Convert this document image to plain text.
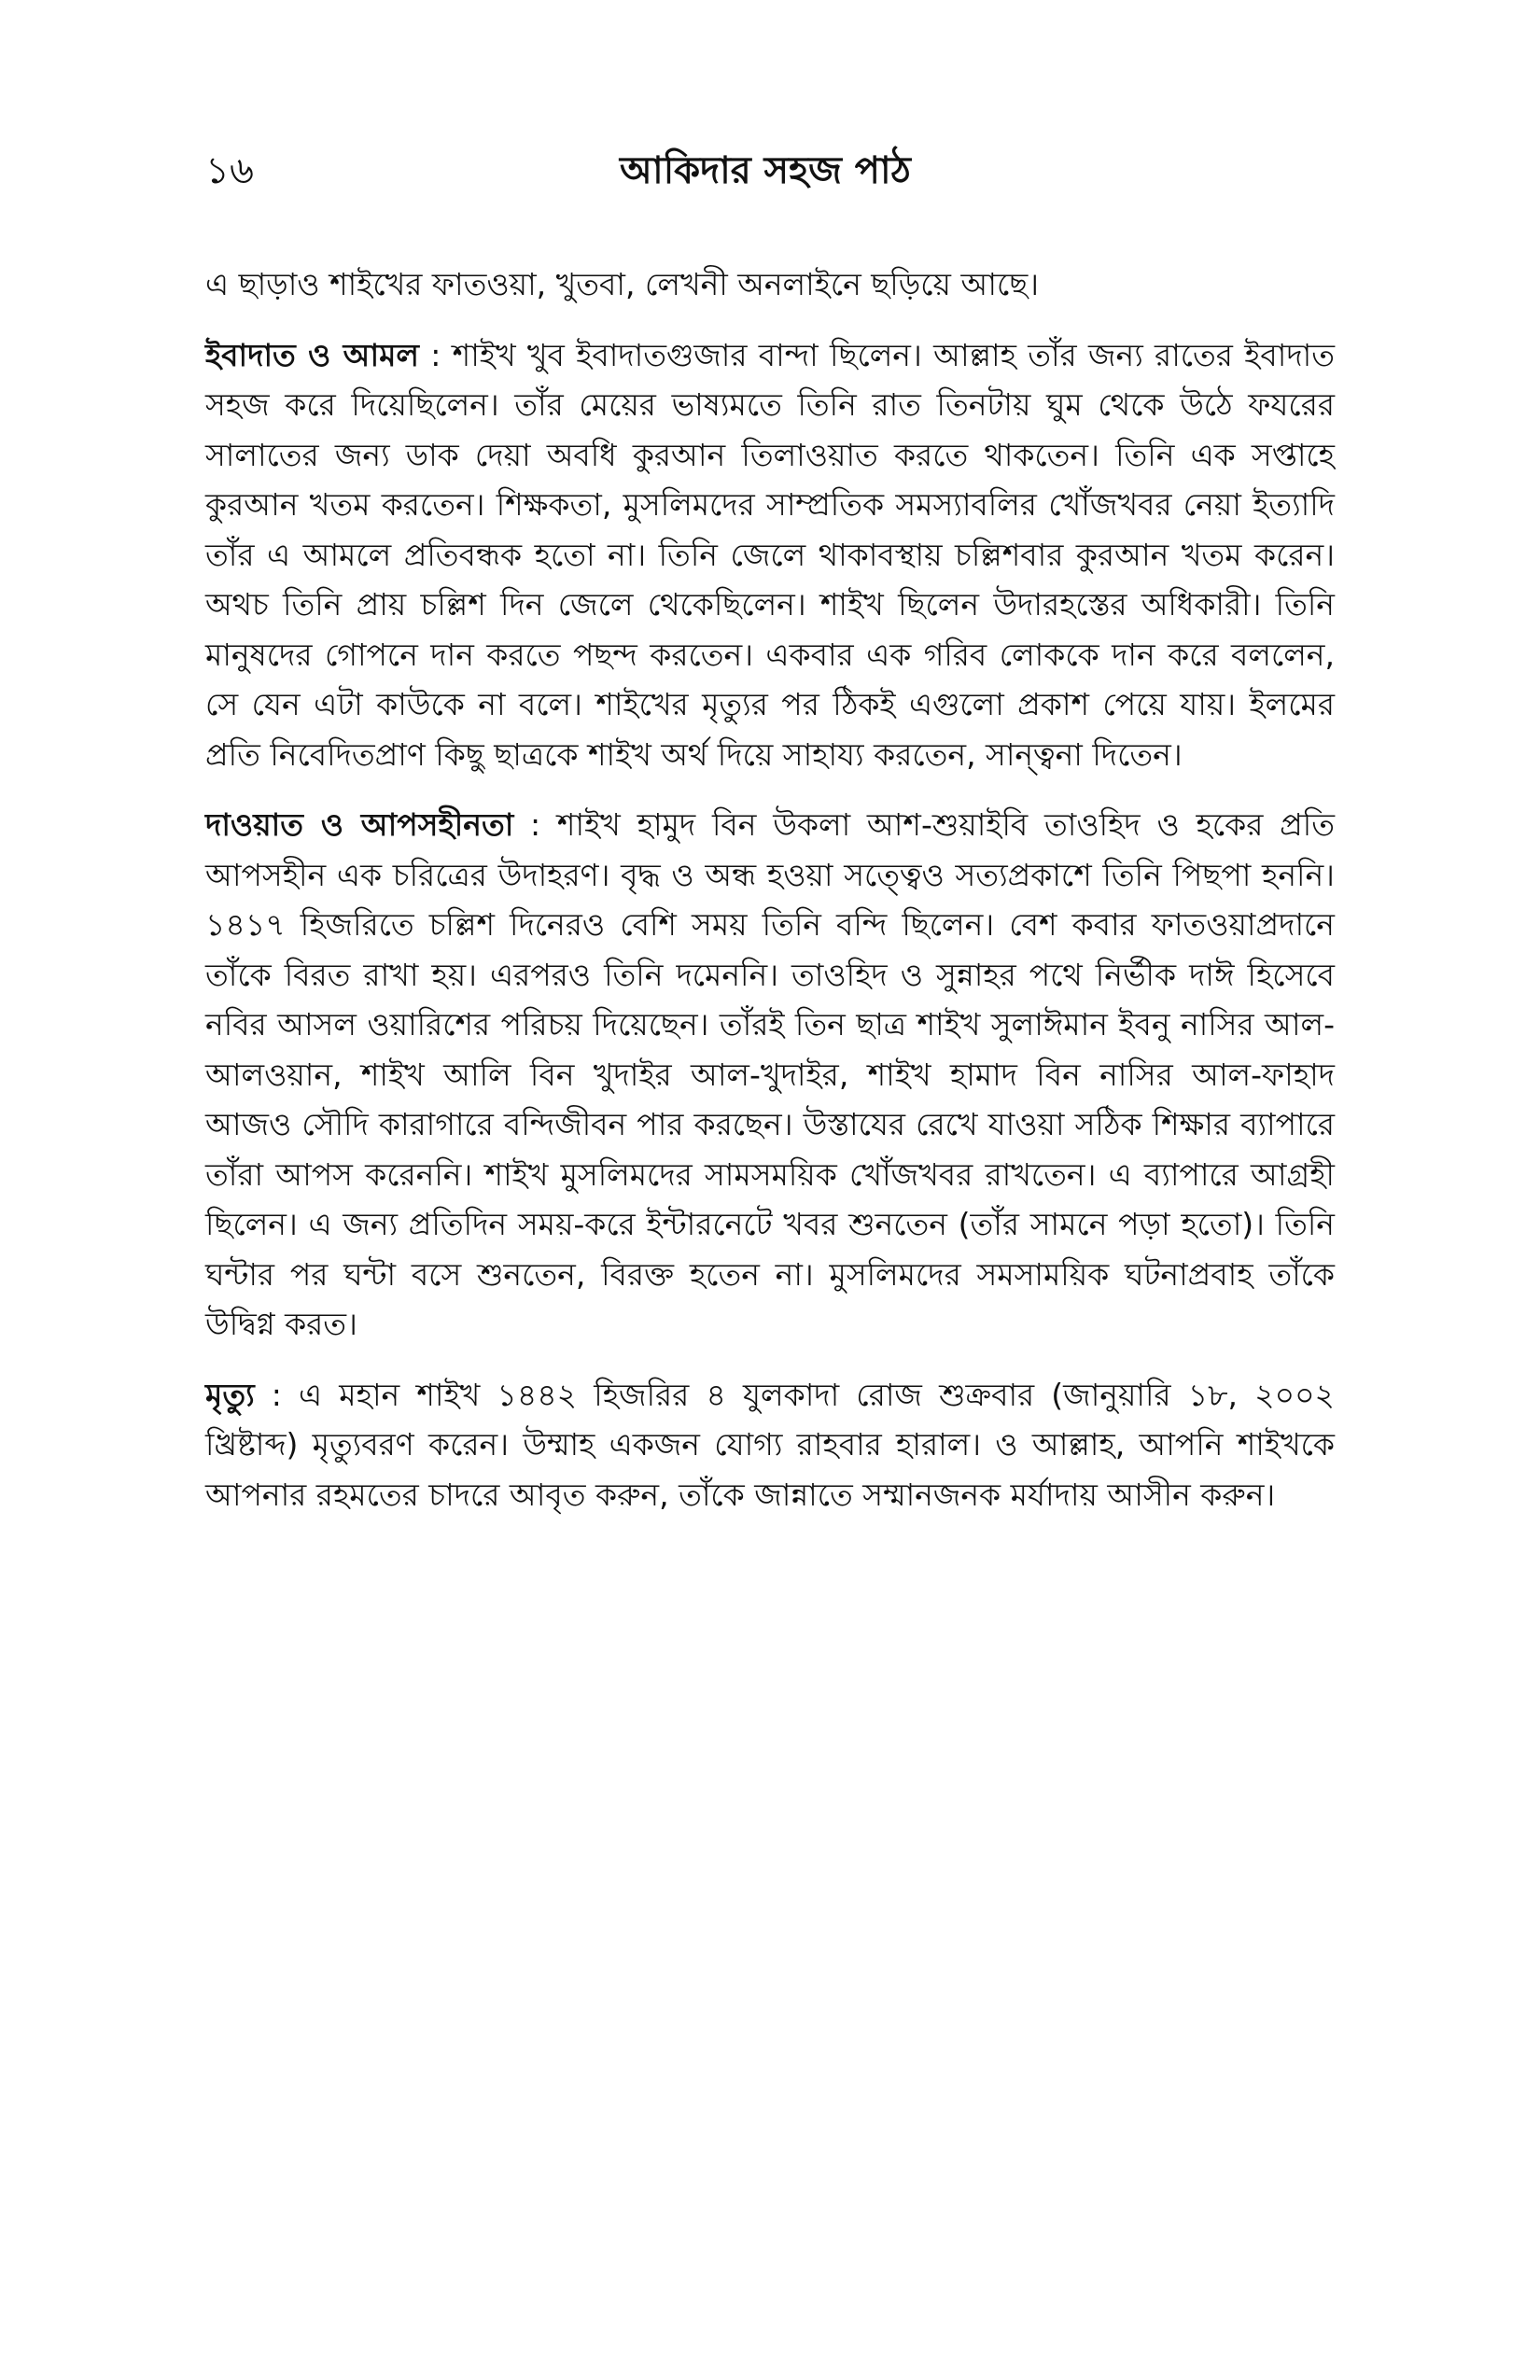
১৬	আকিদার সহজ পাঠ

এ ছাড়াও শাইখের ফাতওয়া, খুতবা, লেখনী অনলাইনে ছড়িয়ে আছে।

ইবাদাত ও আমল : শাইখ খুব ইবাদাতগুজার বান্দা ছিলেন। আল্লাহ তাঁর জন্য রাতের ইবাদাত সহজ করে দিয়েছিলেন। তাঁর মেয়ের ভাষ্যমতে তিনি রাত তিনটায় ঘুম থেকে উঠে ফযরের সালাতের জন্য ডাক দেয়া অবধি কুরআন তিলাওয়াত করতে থাকতেন। তিনি এক সপ্তাহে কুরআন খতম করতেন। শিক্ষকতা, মুসলিমদের সাম্প্রতিক সমস্যাবলির খোঁজখবর নেয়া ইত্যাদি তাঁর এ আমলে প্রতিবন্ধক হতো না। তিনি জেলে থাকাবস্থায় চল্লিশবার কুরআন খতম করেন। অথচ তিনি প্রায় চল্লিশ দিন জেলে থেকেছিলেন। শাইখ ছিলেন উদারহস্তের অধিকারী। তিনি মানুষদের গোপনে দান করতে পছন্দ করতেন। একবার এক গরিব লোককে দান করে বললেন, সে যেন এটা কাউকে না বলে। শাইখের মৃত্যুর পর ঠিকই এগুলো প্রকাশ পেয়ে যায়। ইলমের প্রতি নিবেদিতপ্রাণ কিছু ছাত্রকে শাইখ অর্থ দিয়ে সাহায্য করতেন, সান্ত্বনা দিতেন।

দাওয়াত ও আপসহীনতা : শাইখ হামুদ বিন উকলা আশ-শুয়াইবি তাওহিদ ও হকের প্রতি আপসহীন এক চরিত্রের উদাহরণ। বৃদ্ধ ও অন্ধ হওয়া সত্ত্বেও সত্যপ্রকাশে তিনি পিছপা হননি। ১৪১৭ হিজরিতে চল্লিশ দিনেরও বেশি সময় তিনি বন্দি ছিলেন। বেশ কবার ফাতওয়াপ্রদানে তাঁকে বিরত রাখা হয়। এরপরও তিনি দমেননি। তাওহিদ ও সুন্নাহর পথে নির্ভীক দাঈ হিসেবে নবির আসল ওয়ারিশের পরিচয় দিয়েছেন। তাঁরই তিন ছাত্র শাইখ সুলাঈমান ইবনু নাসির আল-আলওয়ান, শাইখ আলি বিন খুদাইর আল-খুদাইর, শাইখ হামাদ বিন নাসির আল-ফাহাদ আজও সৌদি কারাগারে বন্দিজীবন পার করছেন। উস্তাযের রেখে যাওয়া সঠিক শিক্ষার ব্যাপারে তাঁরা আপস করেননি। শাইখ মুসলিমদের সামসময়িক খোঁজখবর রাখতেন। এ ব্যাপারে আগ্রহী ছিলেন। এ জন্য প্রতিদিন সময়-করে ইন্টারনেটে খবর শুনতেন (তাঁর সামনে পড়া হতো)। তিনি ঘন্টার পর ঘন্টা বসে শুনতেন, বিরক্ত হতেন না। মুসলিমদের সমসাময়িক ঘটনাপ্রবাহ তাঁকে উদ্বিগ্ন করত।

মৃত্যু : এ মহান শাইখ ১৪৪২ হিজরির ৪ যুলকাদা রোজ শুক্রবার (জানুয়ারি ১৮, ২০০২ খ্রিষ্টাব্দ) মৃত্যুবরণ করেন। উম্মাহ একজন যোগ্য রাহবার হারাল। ও আল্লাহ, আপনি শাইখকে আপনার রহমতের চাদরে আবৃত করুন, তাঁকে জান্নাতে সম্মানজনক মর্যাদায় আসীন করুন।
